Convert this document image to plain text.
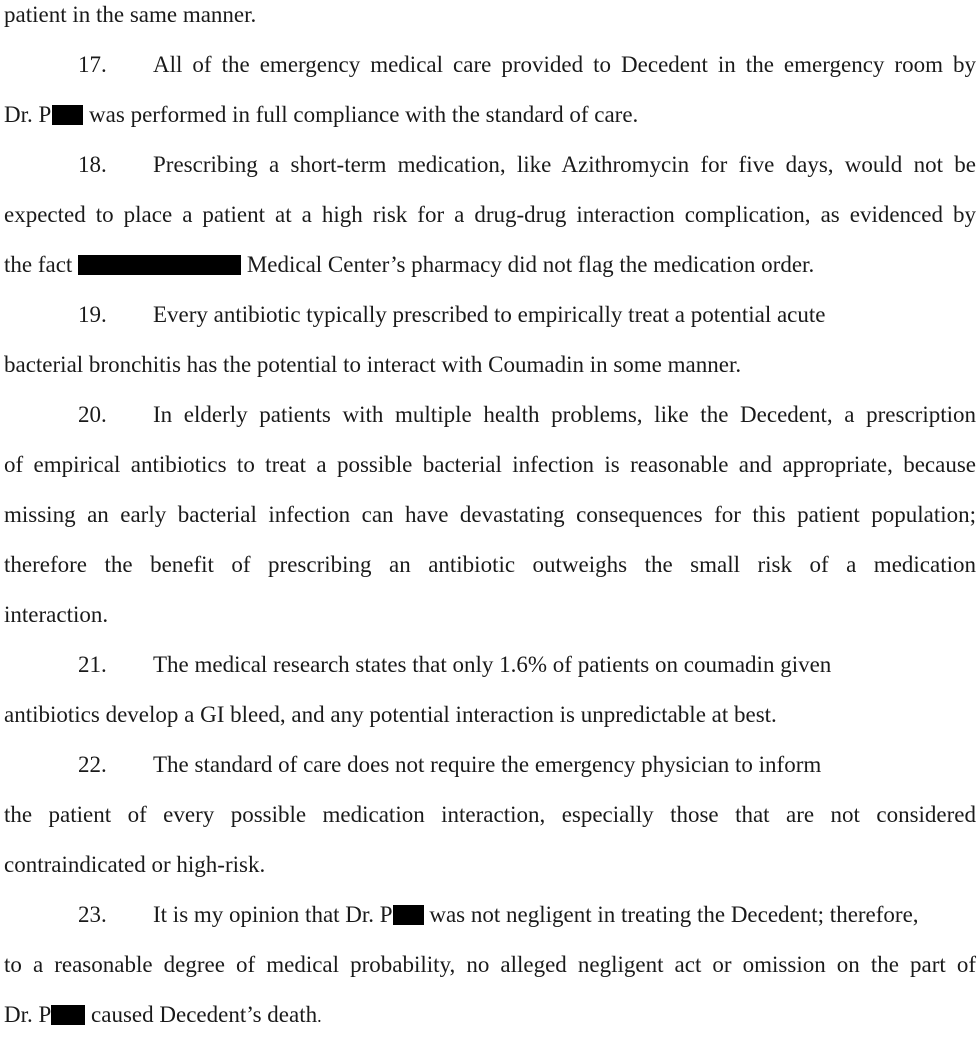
patient in the same manner.
17. All of the emergency medical care provided to Decedent in the emergency room by
Dr. P was performed in full compliance with the standard of care.
18. Prescribing a short-term medication, like Azithromycin for five days, would not be
expected to place a patient at a high risk for a drug-drug interaction complication, as evidenced by
the fact	Medical Center’s pharmacy did not flag the medication order.
19. Every antibiotic typically prescribed to empirically treat a potential acute
bacterial bronchitis has the potential to interact with Coumadin in some manner.
20. In elderly patients with multiple health problems, like the Decedent, a prescription
of empirical antibiotics to treat a possible bacterial infection is reasonable and appropriate, because
missing an early bacterial infection can have devastating consequences for this patient population;
therefore the benefit of prescribing an antibiotic outweighs the small risk of a medication
interaction.
21. The medical research states that only 1.6% of patients on coumadin given
antibiotics develop a GI bleed, and any potential interaction is unpredictable at best.
22. The standard of care does not require the emergency physician to inform
the patient of every possible medication interaction, especially those that are not considered
contraindicated or high-risk.
23. It is my opinion that Dr. P was not negligent in treating the Decedent; therefore,
to a reasonable degree of medical probability, no alleged negligent act or omission on the part of
Dr. P caused Decedent’s death.
